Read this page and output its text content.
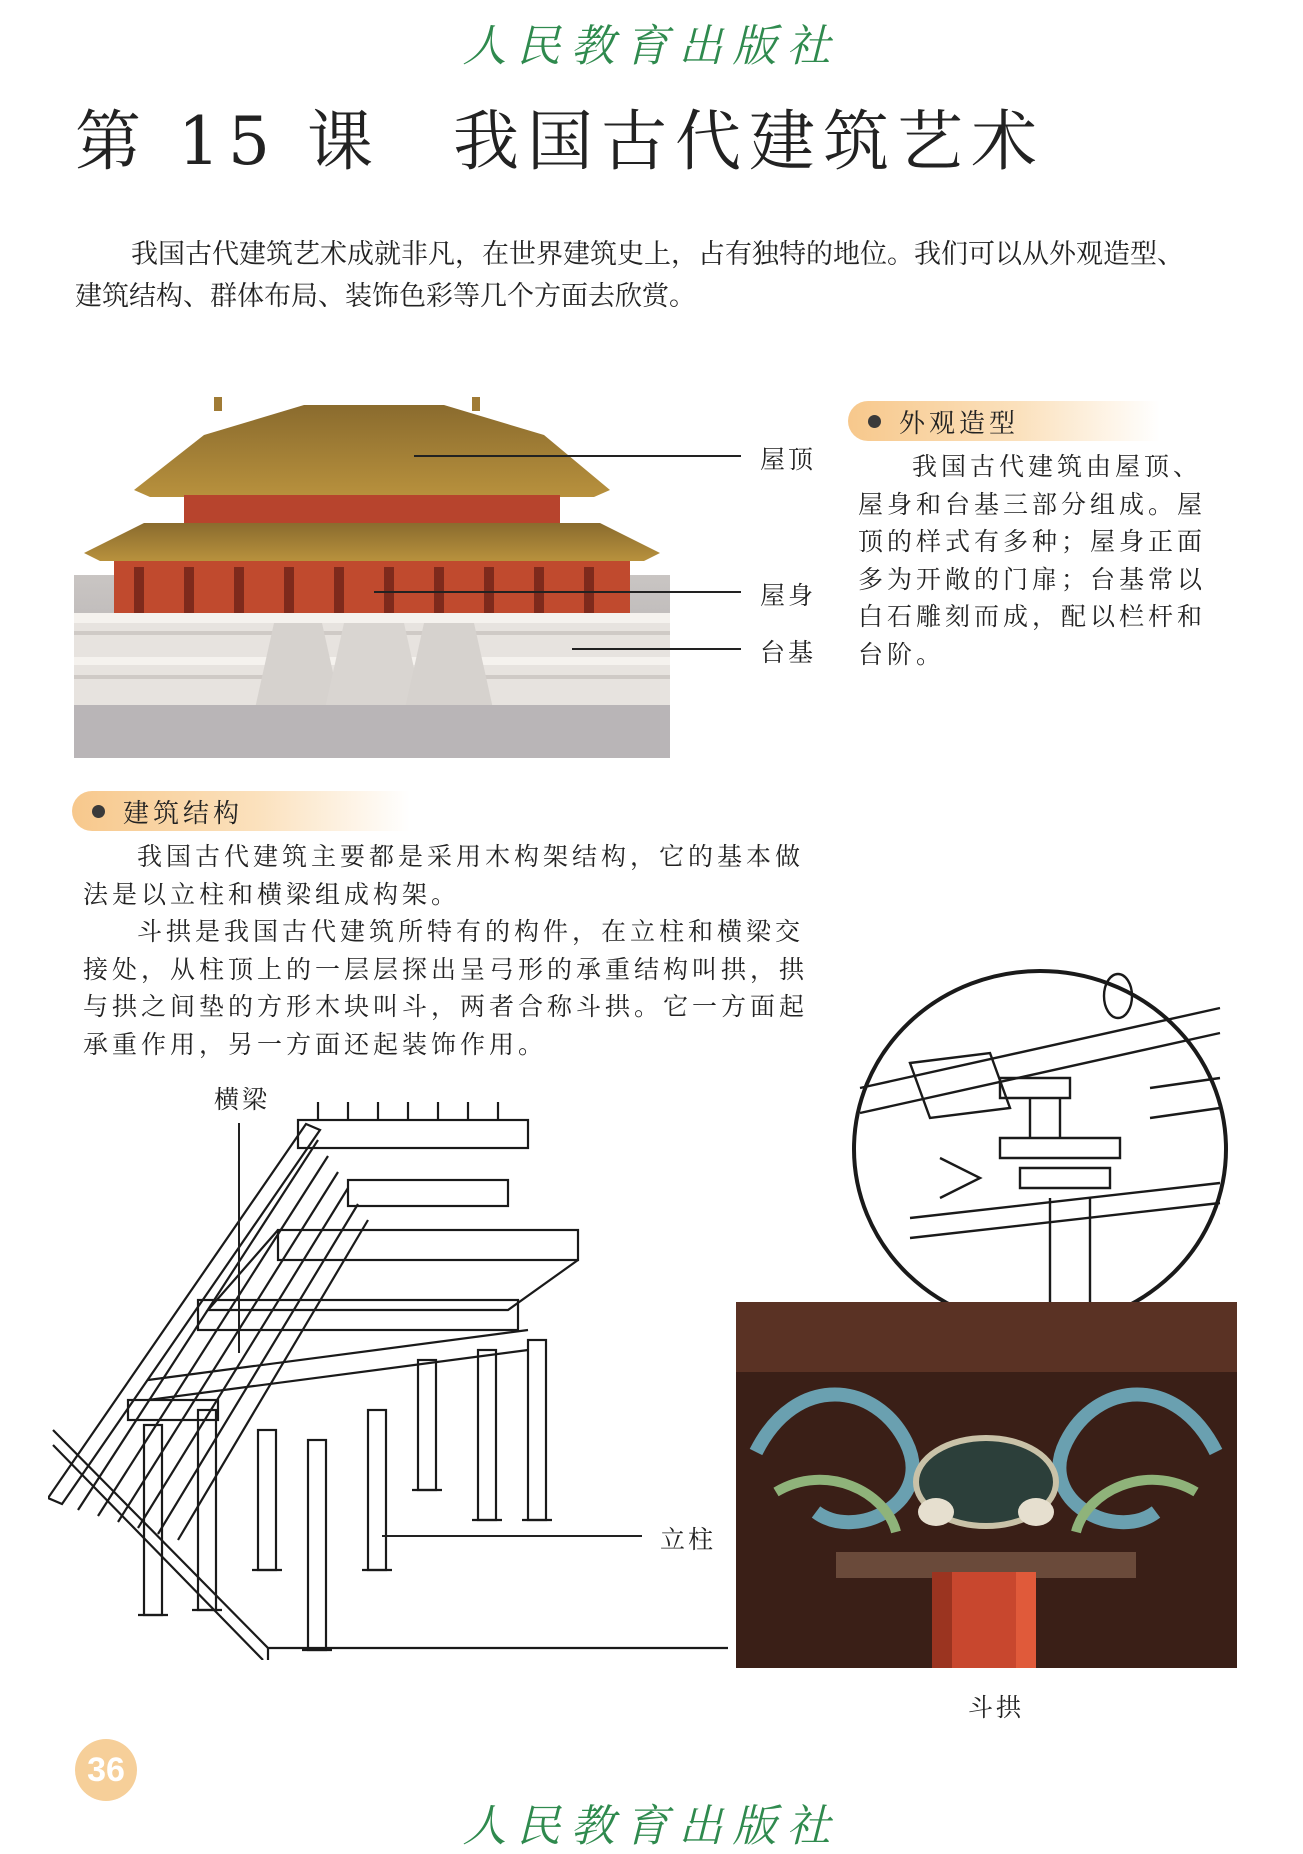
人民教育出版社
第 15 课 我国古代建筑艺术

我国古代建筑艺术成就非凡，在世界建筑史上，占有独特的地位。我们可以从外观造型、建筑结构、群体布局、装饰色彩等几个方面去欣赏。

屋顶
屋身
台基
外观造型

我国古代建筑由屋顶、屋身和台基三部分组成。屋顶的样式有多种；屋身正面多为开敞的门扉；台基常以白石雕刻而成，配以栏杆和台阶。

建筑结构

我国古代建筑主要都是采用木构架结构，它的基本做法是以立柱和横梁组成构架。

斗拱是我国古代建筑所特有的构件，在立柱和横梁交接处，从柱顶上的一层层探出呈弓形的承重结构叫拱，拱与拱之间垫的方形木块叫斗，两者合称斗拱。它一方面起承重作用，另一方面还起装饰作用。

横梁
立柱
斗拱
36
人民教育出版社
